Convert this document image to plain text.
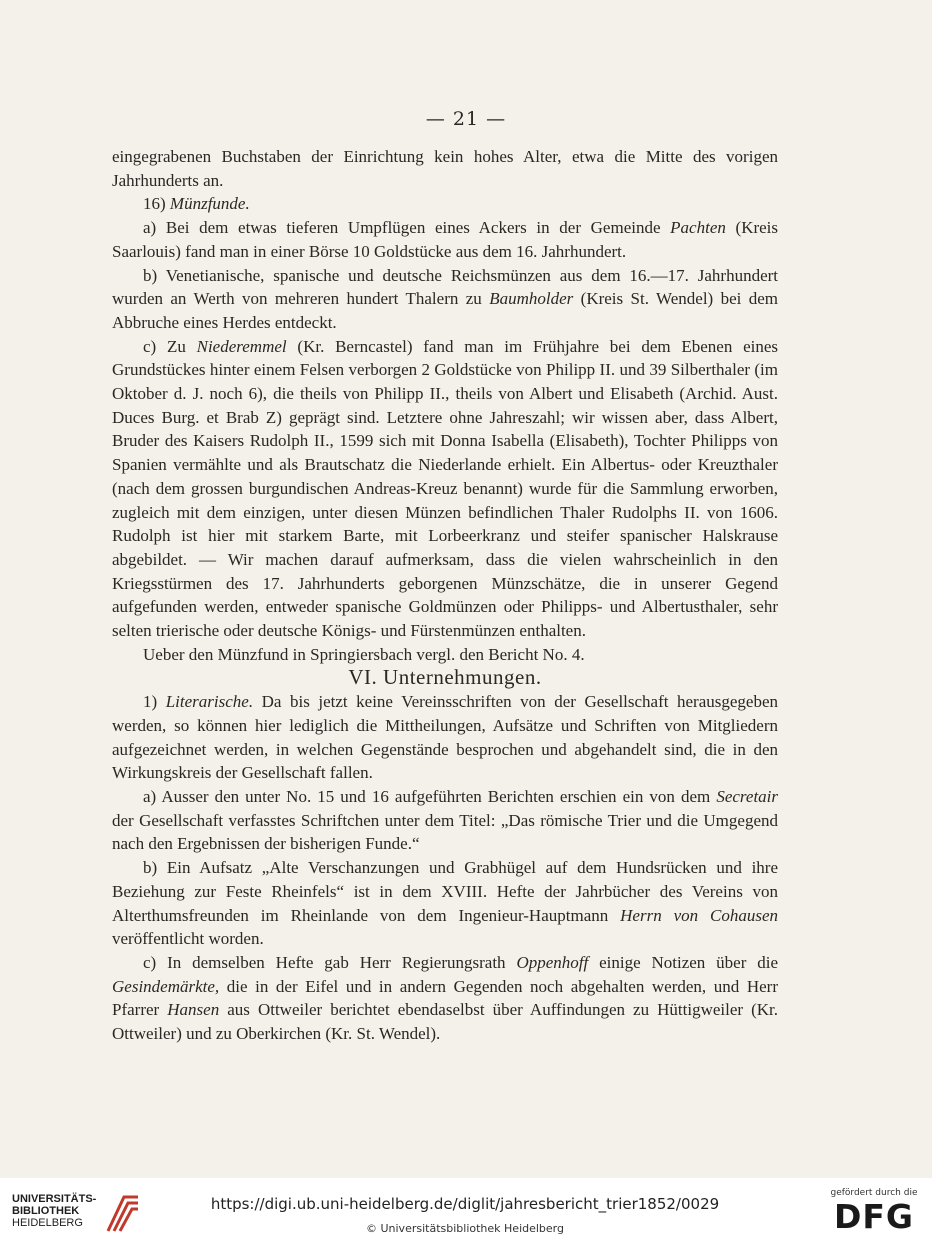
— 21 —

eingegrabenen Buchstaben der Einrichtung kein hohes Alter, etwa die Mitte des vorigen Jahrhunderts an.

16) Münzfunde.

a) Bei dem etwas tieferen Umpflügen eines Ackers in der Gemeinde Pachten (Kreis Saarlouis) fand man in einer Börse 10 Goldstücke aus dem 16. Jahrhundert.

b) Venetianische, spanische und deutsche Reichsmünzen aus dem 16.—17. Jahrhundert wurden an Werth von mehreren hundert Thalern zu Baumholder (Kreis St. Wendel) bei dem Abbruche eines Herdes entdeckt.

c) Zu Niederemmel (Kr. Berncastel) fand man im Frühjahre bei dem Ebenen eines Grundstückes hinter einem Felsen verborgen 2 Goldstücke von Philipp II. und 39 Silberthaler (im Oktober d. J. noch 6), die theils von Philipp II., theils von Albert und Elisabeth (Archid. Aust. Duces Burg. et Brab Z) geprägt sind. Letztere ohne Jahreszahl; wir wissen aber, dass Albert, Bruder des Kaisers Rudolph II., 1599 sich mit Donna Isabella (Elisabeth), Tochter Philipps von Spanien vermählte und als Brautschatz die Niederlande erhielt. Ein Albertus- oder Kreuzthaler (nach dem grossen burgundischen Andreas-Kreuz benannt) wurde für die Sammlung erworben, zugleich mit dem einzigen, unter diesen Münzen befindlichen Thaler Rudolphs II. von 1606. Rudolph ist hier mit starkem Barte, mit Lorbeerkranz und steifer spanischer Halskrause abgebildet. — Wir machen darauf aufmerksam, dass die vielen wahrscheinlich in den Kriegsstürmen des 17. Jahrhunderts geborgenen Münzschätze, die in unserer Gegend aufgefunden werden, entweder spanische Goldmünzen oder Philipps- und Albertusthaler, sehr selten trierische oder deutsche Königs- und Fürstenmünzen enthalten.

Ueber den Münzfund in Springiersbach vergl. den Bericht No. 4.

VI. Unternehmungen.

1) Literarische. Da bis jetzt keine Vereinsschriften von der Gesellschaft herausgegeben werden, so können hier lediglich die Mittheilungen, Aufsätze und Schriften von Mitgliedern aufgezeichnet werden, in welchen Gegenstände besprochen und abgehandelt sind, die in den Wirkungskreis der Gesellschaft fallen.

a) Ausser den unter No. 15 und 16 aufgeführten Berichten erschien ein von dem Secretair der Gesellschaft verfasstes Schriftchen unter dem Titel: „Das römische Trier und die Umgegend nach den Ergebnissen der bisherigen Funde.“

b) Ein Aufsatz „Alte Verschanzungen und Grabhügel auf dem Hundsrücken und ihre Beziehung zur Feste Rheinfels“ ist in dem XVIII. Hefte der Jahrbücher des Vereins von Alterthumsfreunden im Rheinlande von dem Ingenieur-Hauptmann Herrn von Cohausen veröffentlicht worden.

c) In demselben Hefte gab Herr Regierungsrath Oppenhoff einige Notizen über die Gesindemärkte, die in der Eifel und in andern Gegenden noch abgehalten werden, und Herr Pfarrer Hansen aus Ottweiler berichtet ebendaselbst über Auffindungen zu Hüttigweiler (Kr. Ottweiler) und zu Oberkirchen (Kr. St. Wendel).

UNIVERSITÄTS-
BIBLIOTHEK
HEIDELBERG
https://digi.ub.uni-heidelberg.de/diglit/jahresbericht_trier1852/0029
© Universitätsbibliothek Heidelberg
gefördert durch die
DFG
